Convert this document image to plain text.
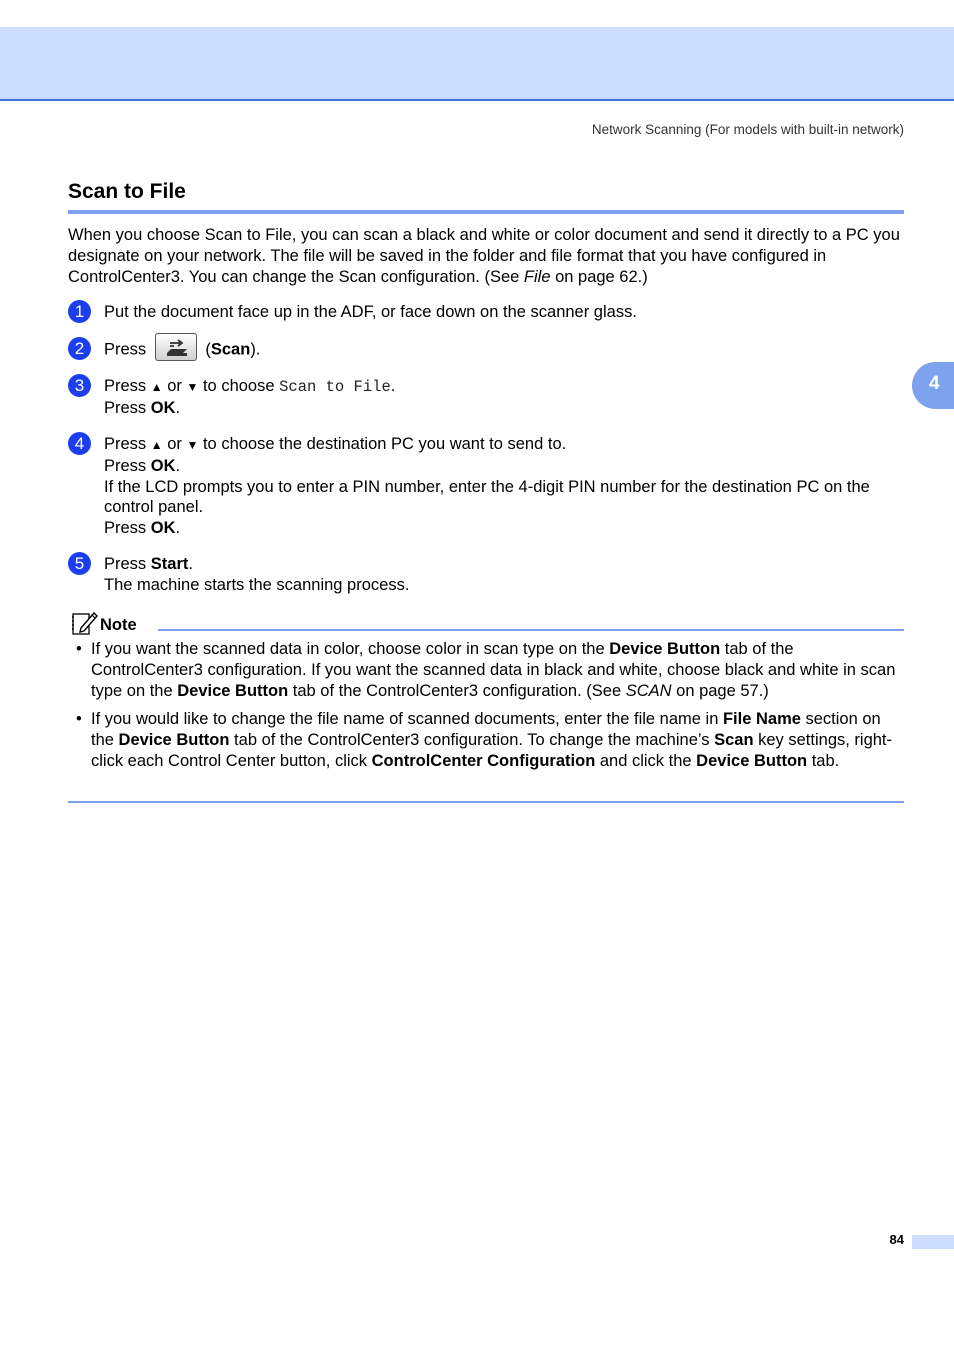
Network Scanning (For models with built-in network)
Scan to File
When you choose Scan to File, you can scan a black and white or color document and send it directly to a PC you designate on your network. The file will be saved in the folder and file format that you have configured in ControlCenter3. You can change the Scan configuration. (See File on page 62.)
1	Put the document face up in the ADF, or face down on the scanner glass.
2	Press	(Scan).
3	Press ▲ or ▼ to choose Scan to File.
Press OK.
4	Press ▲ or ▼ to choose the destination PC you want to send to.
Press OK.
If the LCD prompts you to enter a PIN number, enter the 4-digit PIN number for the destination PC on the control panel.
Press OK.
5	Press Start.
The machine starts the scanning process.
Note
• If you want the scanned data in color, choose color in scan type on the Device Button tab of the ControlCenter3 configuration. If you want the scanned data in black and white, choose black and white in scan type on the Device Button tab of the ControlCenter3 configuration. (See SCAN on page 57.)
• If you would like to change the file name of scanned documents, enter the file name in File Name section on the Device Button tab of the ControlCenter3 configuration. To change the machine’s Scan key settings, right-click each Control Center button, click ControlCenter Configuration and click the Device Button tab.
4
84
